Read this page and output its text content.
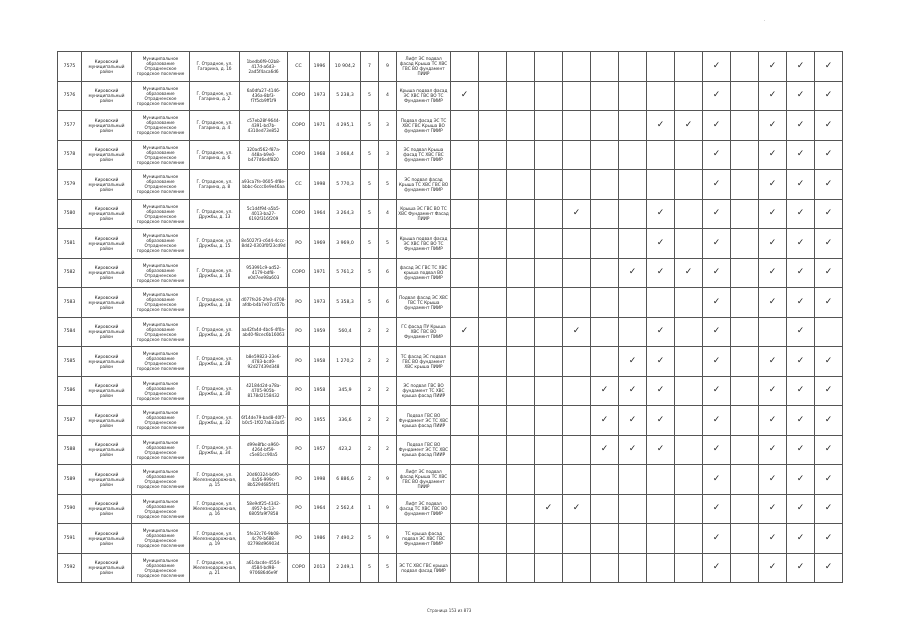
·
7575	Кировский муниципальный район	Муниципальное образование Отрадненское городское поселение	Г. Отрадное, ул. Гагарина, д. 1б	1bedb6f9-02b8-417d-a6d3-2ad5f4aca6d6	СС	1996	10 904,2	7	9	Лифт ЭС подвал фасад Крыша ТС ХВС ГВС ВО фундамент ПИИР										✓		✓	✓	✓
7576	Кировский муниципальный район	Муниципальное образование Отрадненское городское поселение	Г. Отрадное, ул. Гагарина, д. 2	6a0dfa27-4146-436a-8bf3-f7f5cb9ff1f9	СОРО	1973	5 238,3	5	4	Крыша подвал фасад ЭС ХВС ГВС ВО ТС Фундамент ПИИР	✓									✓		✓	✓	✓
7577	Кировский муниципальный район	Муниципальное образование Отрадненское городское поселение	Г. Отрадное, ул. Гагарина, д. 4	c57eb28f-9644-4391-bd7b-4310ed73e852	СОРО	1971	4 295,1	5	3	Подвал фасад ЭС ТС ХВС ГВС Крыша ВО фундамент ПИИР								✓	✓	✓		✓	✓	✓
7578	Кировский муниципальный район	Муниципальное образование Отрадненское городское поселение	Г. Отрадное, ул. Гагарина, д. 6	320ad562-f87a-448a-b9e0-b477d6e4f820	СОРО	1968	3 068,4	5	3	ЭС подвал Крыша фасад ТС ХВС ГВС фундамент ПИИР										✓		✓	✓	✓
7579	Кировский муниципальный район	Муниципальное образование Отрадненское городское поселение	Г. Отрадное, ул. Гагарина, д. 8	a93ca7fe-0605-4f8e-bbbc-6ccc0e9e46aa	СС	1998	5 770,3	5	5	ЭС подвал фасад Крыша ТС ХВС ГВС ВО фундамент ПИИР										✓		✓	✓	✓
7580	Кировский муниципальный район	Муниципальное образование Отрадненское городское поселение	Г. Отрадное, ул. Дружбы, д. 13	5c1d4f94-a5b5-4013-ba27-6192f316f209	СОРО	1964	3 264,3	5	4	Крыша ЭС ГВС ВО ТС ХВС Фундамент Фасад ПИИР					✓			✓		✓		✓	✓	✓
7581	Кировский муниципальный район	Муниципальное образование Отрадненское городское поселение	Г. Отрадное, ул. Дружбы, д. 15	8e5027f3-c6d4-4ccc-8dd2-0303f0f23cd9d	РО	1969	3 969,0	5	5	Крыша подвал фасад ЭС ХВС ГВС ВО ТС Фундамент ПИИР								✓		✓		✓	✓	✓
7582	Кировский муниципальный район	Муниципальное образование Отрадненское городское поселение	Г. Отрадное, ул. Дружбы, д. 16	953991c9-ad52-4179-bdf8-e0d7ee98a603	СОРО	1971	5 761,2	5	6	фасад ЭС ГВС ТС ХВС крыша подвал ВО фундамент ПИИР							✓	✓	✓	✓		✓	✓	✓
7583	Кировский муниципальный район	Муниципальное образование Отрадненское городское поселение	Г. Отрадное, ул. Дружбы, д. 18	d077fe26-2fe0-4708-afdb-b4b7e07cd57b	РО	1973	5 358,3	5	6	Подвал фасад ЭС ХВС ГВС ТС Крыша фундамент ПИИР										✓		✓	✓	✓
7584	Кировский муниципальный район	Муниципальное образование Отрадненское городское поселение	Г. Отрадное, ул. Дружбы, д. 26	aa42fa4d-4bc6-4f0a-ab40-f8cec6b16063	РО	1959	560,4	2	2	ГС фасад ПУ Крыша ХВС ГВС ВО Фундамент ПИИР	✓				✓			✓		✓			✓	
7585	Кировский муниципальный район	Муниципальное образование Отрадненское городское поселение	Г. Отрадное, ул. Дружбы, д. 28	b8e59823-23e6-4783-bcd9-92d27439d348	РО	1958	1 270,2	2	2	ТС фасад ЭС подвал ГВС ВО фундамент ХВС крыша ПИИР							✓	✓		✓		✓	✓	✓
7586	Кировский муниципальный район	Муниципальное образование Отрадненское городское поселение	Г. Отрадное, ул. Дружбы, д. 30	42184d2d-a78a-4705-905b-8178d2158432	РО	1958	345,9	2	2	ЭС подвал ГВС ВО фундамент ТС ХВС крыша фасад ПИИР						✓	✓	✓		✓		✓	✓	✓
7587	Кировский муниципальный район	Муниципальное образование Отрадненское городское поселение	Г. Отрадное, ул. Дружбы, д. 32	6f14de79-bad8-40f7-b0c5-1f027ab33a45	РО	1955	336,6	2	2	Подвал ГВС ВО Фундамент ЭС ТС ХВС крыша фасад ПИИР						✓	✓	✓		✓		✓	✓	✓
7588	Кировский муниципальный район	Муниципальное образование Отрадненское городское поселение	Г. Отрадное, ул. Дружбы, д. 34	d99e8fbc-a960-4264-bf59-c5e81cc90a5	РО	1957	423,2	2	2	Подвал ГВС ВО Фундамент ЭС ТС ХВС крыша фасад ПИИР						✓	✓	✓		✓		✓	✓	✓
7589	Кировский муниципальный район	Муниципальное образование Отрадненское городское поселение	Г. Отрадное, ул. Железнодорожная, д. 15	20d60324-b6f0-4a56-999c-8b5294685f4f1	РО	1998	6 886,6	2	9	Лифт ЭС подвал фасад Крыша ТС ХВС ГВС ВО фундамент ПИИР										✓		✓	✓	✓
7590	Кировский муниципальный район	Муниципальное образование Отрадненское городское поселение	Г. Отрадное, ул. Железнодорожная, д. 16	58e9df25-4342-4957-bc13-6805fa9f7858	РО	1964	2 562,4	1	9	Лифт ЭС подвал фасад ТС ХВС ГВС ВО фундамент ПИИР				✓	✓					✓		✓	✓	✓
7591	Кировский муниципальный район	Муниципальное образование Отрадненское городское поселение	Г. Отрадное, ул. Железнодорожная, д. 19	5fe32c76-9b08-4c79-b688-02798d969034	РО	1986	7 490,2	5	9	ТС крыша фасад подвал ЭС ХВС ГВС Фундамент ПИИР										✓		✓	✓	✓
7592	Кировский муниципальный район	Муниципальное образование Отрадненское городское поселение	Г. Отрадное, ул. Железнодорожная, д. 21	a61dacde-4554-4584-bd98-970686d6e9f	СОРО	2013	2 249,1	5	5	ЭС ТС ХВС ГВС крыша подвал фасад ПИИР										✓		✓	✓	✓
Страница 153 из 873
